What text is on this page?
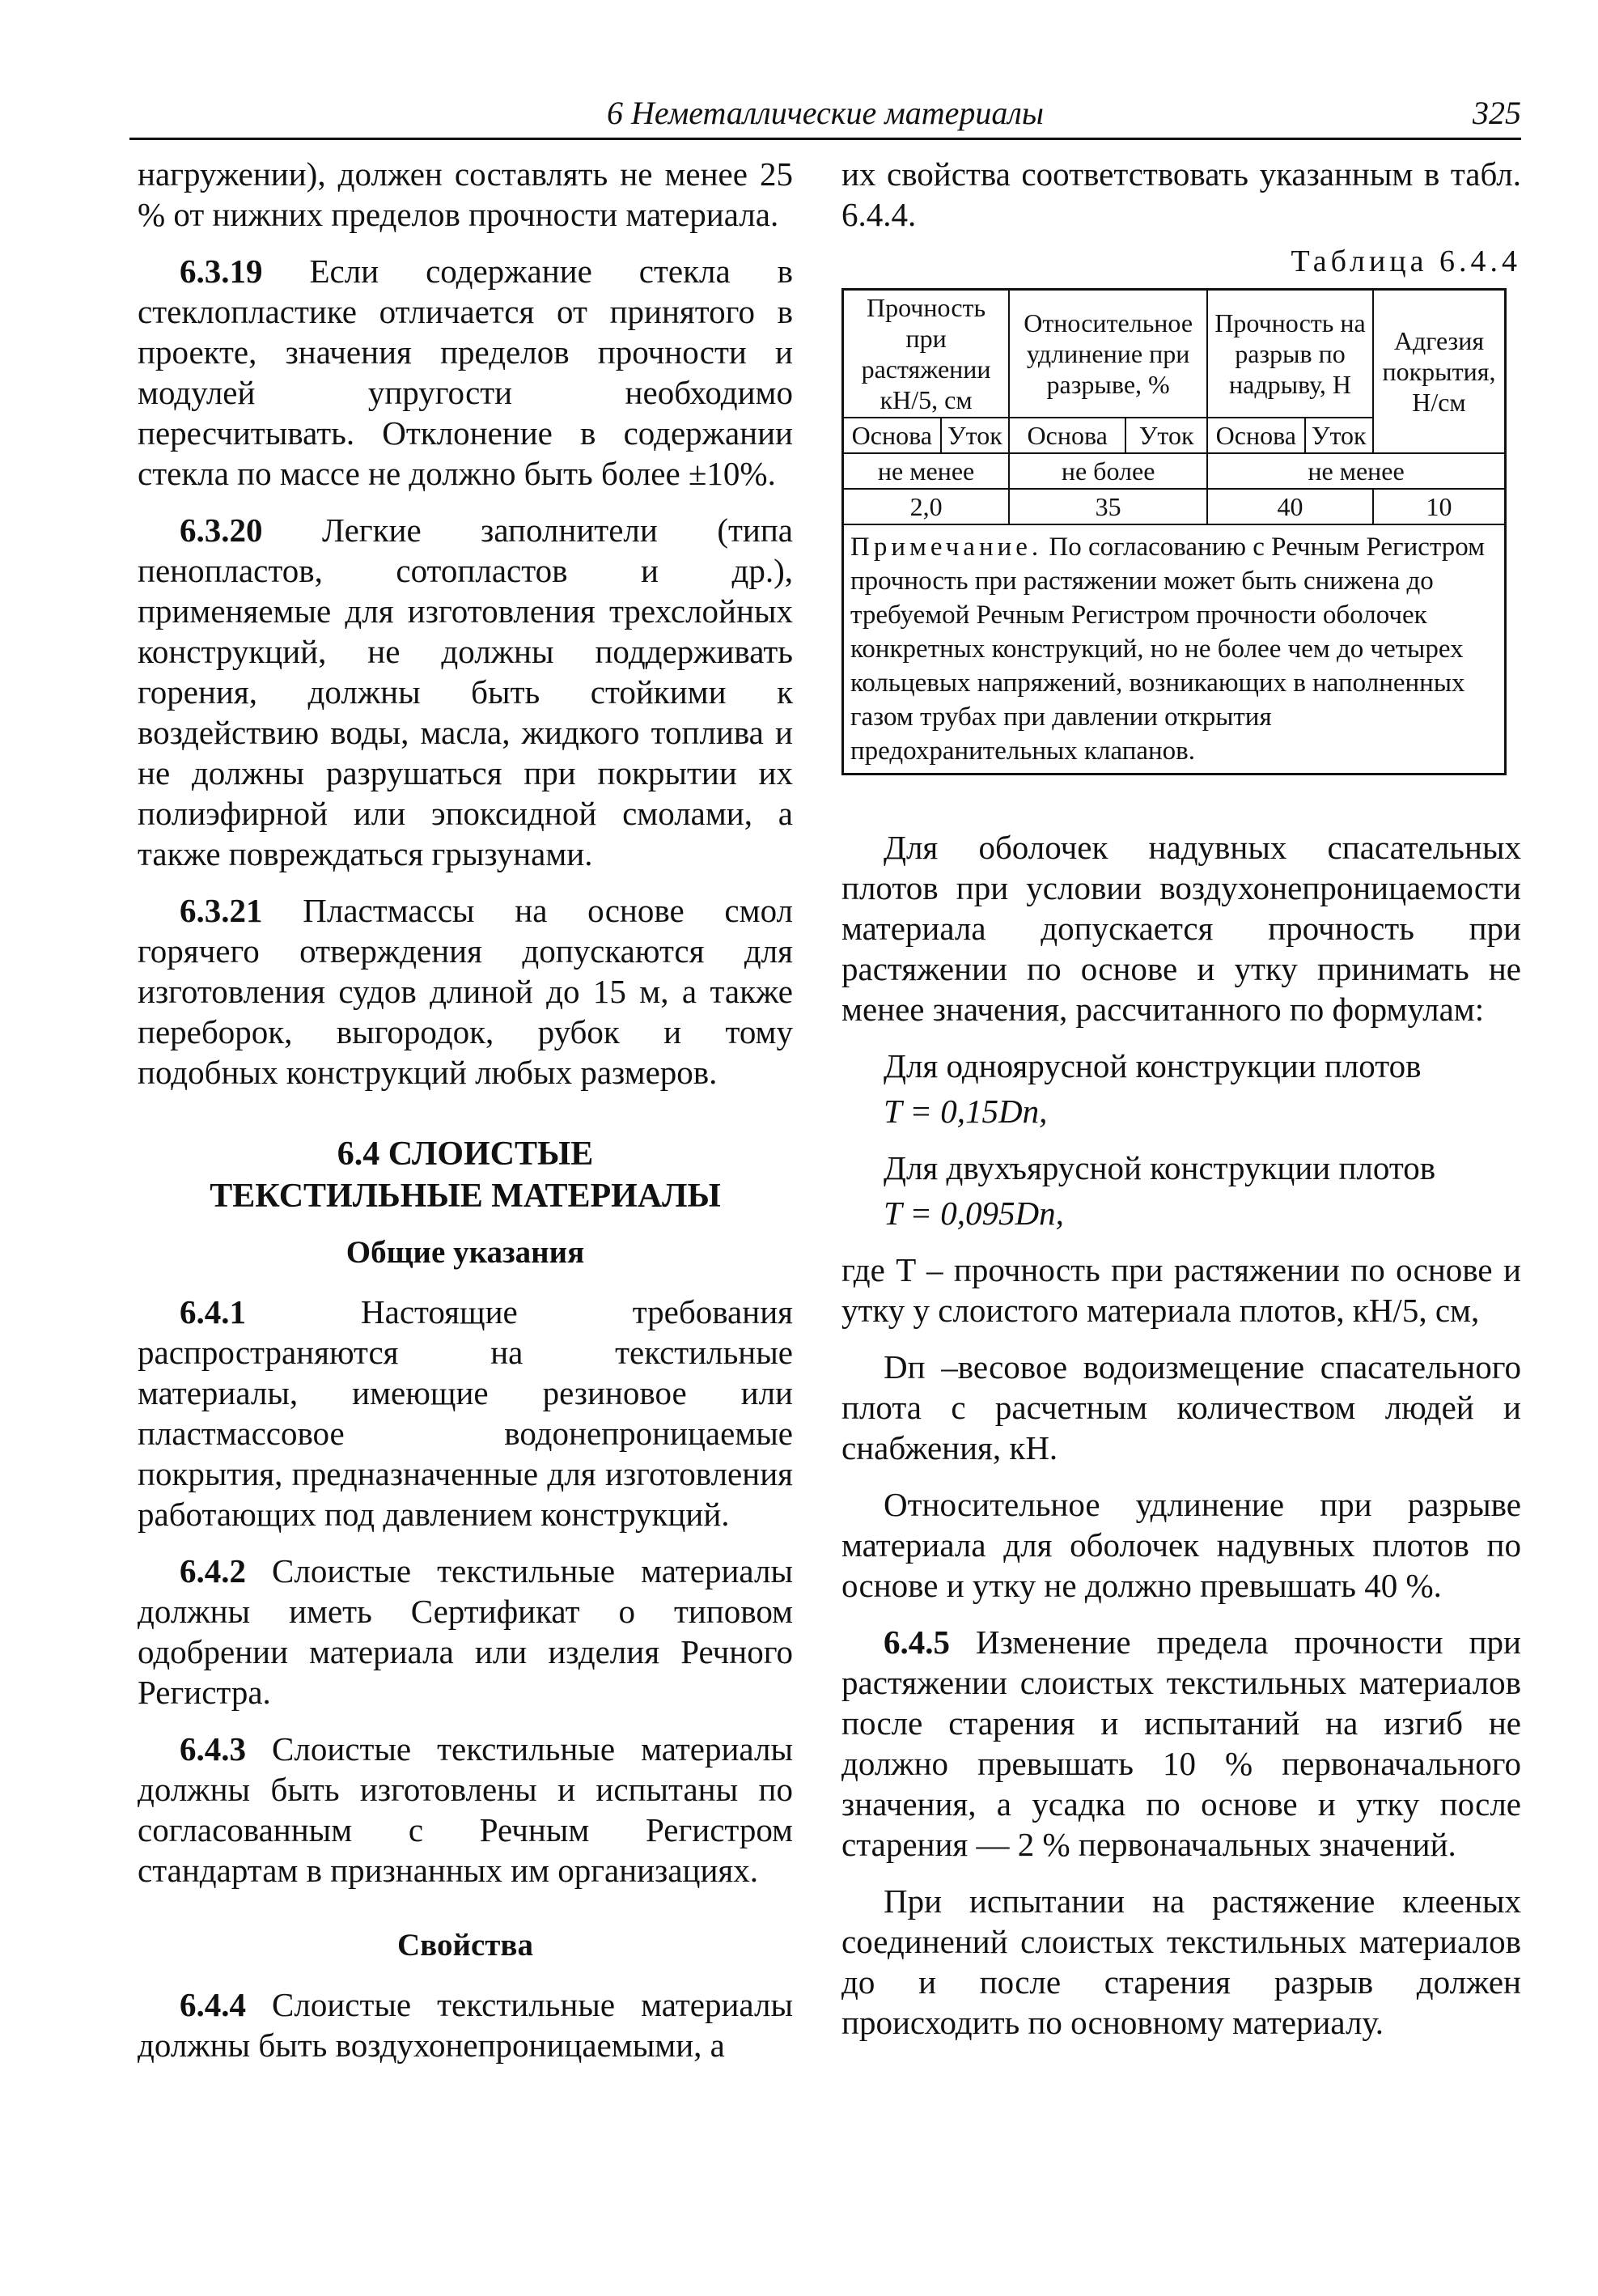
6 Неметаллические материалы	325

нагружении), должен составлять не менее 25 % от нижних пределов прочности материала.

6.3.19 Если содержание стекла в стеклопластике отличается от принятого в проекте, значения пределов прочности и модулей упругости необходимо пересчитывать. Отклонение в содержании стекла по массе не должно быть более ±10%.

6.3.20 Легкие заполнители (типа пенопластов, сотопластов и др.), применяемые для изготовления трехслойных конструкций, не должны поддерживать горения, должны быть стойкими к воздействию воды, масла, жидкого топлива и не должны разрушаться при покрытии их полиэфирной или эпоксидной смолами, а также повреждаться грызунами.

6.3.21 Пластмассы на основе смол горячего отверждения допускаются для изготовления судов длиной до 15 м, а также переборок, выгородок, рубок и тому подобных конструкций любых размеров.

6.4 СЛОИСТЫЕ
ТЕКСТИЛЬНЫЕ МАТЕРИАЛЫ
Общие указания

6.4.1 Настоящие требования распространяются на текстильные материалы, имеющие резиновое или пластмассовое водонепроницаемые покрытия, предназначенные для изготовления работающих под давлением конструкций.

6.4.2 Слоистые текстильные материалы должны иметь Сертификат о типовом одобрении материала или изделия Речного Регистра.

6.4.3 Слоистые текстильные материалы должны быть изготовлены и испытаны по согласованным с Речным Регистром стандартам в признанных им организациях.

Свойства

6.4.4 Слоистые текстильные материалы должны быть воздухонепроницаемыми, а

их свойства соответствовать указанным в табл. 6.4.4.

Таблица 6.4.4
Прочность при растяжении кН/5, см		Относительное удлинение при разрыве, %		Прочность на разрыв по надрыву, Н		Адгезия покрытия, Н/см
Основа	Уток	Основа	Уток	Основа	Уток	
не менее		не более		не менее		
2,0		35		40		10
Примечание. По согласованию с Речным Регистром прочность при растяжении может быть снижена до требуемой Речным Регистром прочности оболочек конкретных конструкций, но не более чем до четырех кольцевых напряжений, возникающих в наполненных газом трубах при давлении открытия предохранительных клапанов.						

Для оболочек надувных спасательных плотов при условии воздухонепроницаемости материала допускается прочность при растяжении по основе и утку принимать не менее значения, рассчитанного по формулам:

Для одноярусной конструкции плотов

T = 0,15Dп,

Для двухъярусной конструкции плотов

T = 0,095Dп,

где T – прочность при растяжении по основе и утку у слоистого материала плотов, кН/5, см,

Dп –весовое водоизмещение спасательного плота с расчетным количеством людей и снабжения, кН.

Относительное удлинение при разрыве материала для оболочек надувных плотов по основе и утку не должно превышать 40 %.

6.4.5 Изменение предела прочности при растяжении слоистых текстильных материалов после старения и испытаний на изгиб не должно превышать 10 % первоначального значения, а усадка по основе и утку после старения — 2 % первоначальных значений.

При испытании на растяжение клееных соединений слоистых текстильных материалов до и после старения разрыв должен происходить по основному материалу.
